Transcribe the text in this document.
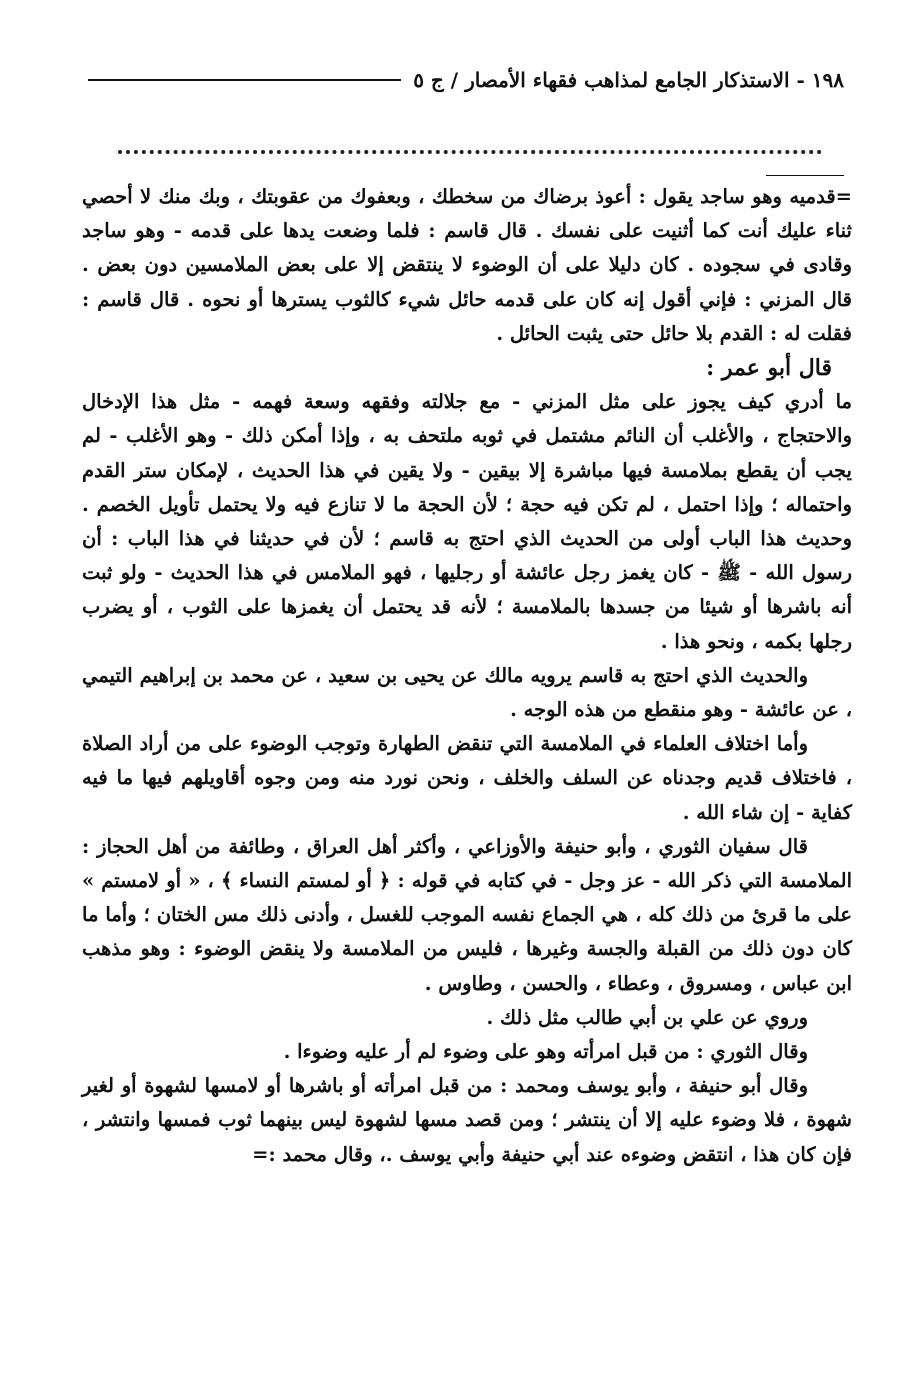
١٩٨ - الاستذكار الجامع لمذاهب فقهاء الأمصار / ج ٥

=قدميه وهو ساجد يقول : أعوذ برضاك من سخطك ، وبعفوك من عقوبتك ، وبك منك لا أحصي ثناء عليك أنت كما أثنيت على نفسك . قال قاسم : فلما وضعت يدها على قدمه - وهو ساجد وقادى في سجوده . كان دليلا على أن الوضوء لا ينتقض إلا على بعض الملامسين دون بعض . قال المزني : فإني أقول إنه كان على قدمه حائل شيء كالثوب يسترها أو نحوه . قال قاسم : فقلت له : القدم بلا حائل حتى يثبت الحائل .

قال أبو عمر :

ما أدري كيف يجوز على مثل المزني - مع جلالته وفقهه وسعة فهمه - مثل هذا الإدخال والاحتجاج ، والأغلب أن النائم مشتمل في ثوبه ملتحف به ، وإذا أمكن ذلك - وهو الأغلب - لم يجب أن يقطع بملامسة فيها مباشرة إلا بيقين - ولا يقين في هذا الحديث ، لإمكان ستر القدم واحتماله ؛ وإذا احتمل ، لم تكن فيه حجة ؛ لأن الحجة ما لا تنازع فيه ولا يحتمل تأويل الخصم . وحديث هذا الباب أولى من الحديث الذي احتج به قاسم ؛ لأن في حديثنا في هذا الباب : أن رسول الله - ﷺ - كان يغمز رجل عائشة أو رجليها ، فهو الملامس في هذا الحديث - ولو ثبت أنه باشرها أو شيئا من جسدها بالملامسة ؛ لأنه قد يحتمل أن يغمزها على الثوب ، أو يضرب رجلها بكمه ، ونحو هذا .

والحديث الذي احتج به قاسم يرويه مالك عن يحيى بن سعيد ، عن محمد بن إبراهيم التيمي ، عن عائشة - وهو منقطع من هذه الوجه .

وأما اختلاف العلماء في الملامسة التي تنقض الطهارة وتوجب الوضوء على من أراد الصلاة ، فاختلاف قديم وجدناه عن السلف والخلف ، ونحن نورد منه ومن وجوه أقاويلهم فيها ما فيه كفاية - إن شاء الله .

قال سفيان الثوري ، وأبو حنيفة والأوزاعي ، وأكثر أهل العراق ، وطائفة من أهل الحجاز : الملامسة التي ذكر الله - عز وجل - في كتابه في قوله : ﴿ أو لمستم النساء ﴾ ، « أو لامستم » على ما قرئ من ذلك كله ، هي الجماع نفسه الموجب للغسل ، وأدنى ذلك مس الختان ؛ وأما ما كان دون ذلك من القبلة والجسة وغيرها ، فليس من الملامسة ولا ينقض الوضوء : وهو مذهب ابن عباس ، ومسروق ، وعطاء ، والحسن ، وطاوس .

وروي عن علي بن أبي طالب مثل ذلك .

وقال الثوري : من قبل امرأته وهو على وضوء لم أر عليه وضوءا .

وقال أبو حنيفة ، وأبو يوسف ومحمد : من قبل امرأته أو باشرها أو لامسها لشهوة أو لغير شهوة ، فلا وضوء عليه إلا أن ينتشر ؛ ومن قصد مسها لشهوة ليس بينهما ثوب فمسها وانتشر ، فإن كان هذا ، انتقض وضوءه عند أبي حنيفة وأبي يوسف .، وقال محمد :=
